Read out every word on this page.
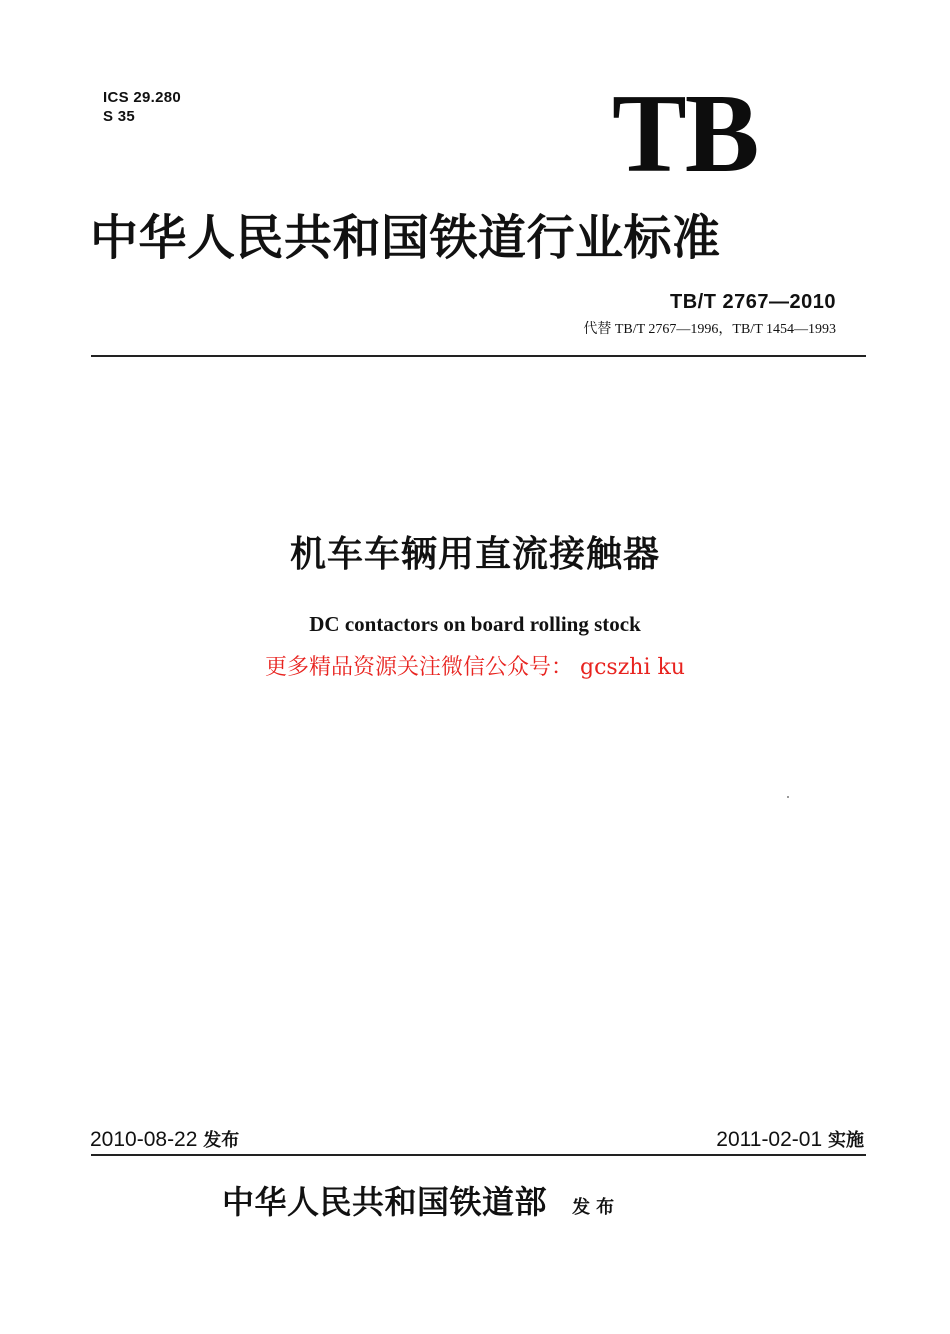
ICS 29.280
S 35	TB
中华人民共和国铁道行业标准
TB/T 2767—2010
代替 TB/T 2767—1996，TB/T 1454—1993
机车车辆用直流接触器
DC contactors on board rolling stock
更多精品资源关注微信公众号： gcszhi ku
2010-08-22 发布	2011-02-01 实施
中华人民共和国铁道部 发布
